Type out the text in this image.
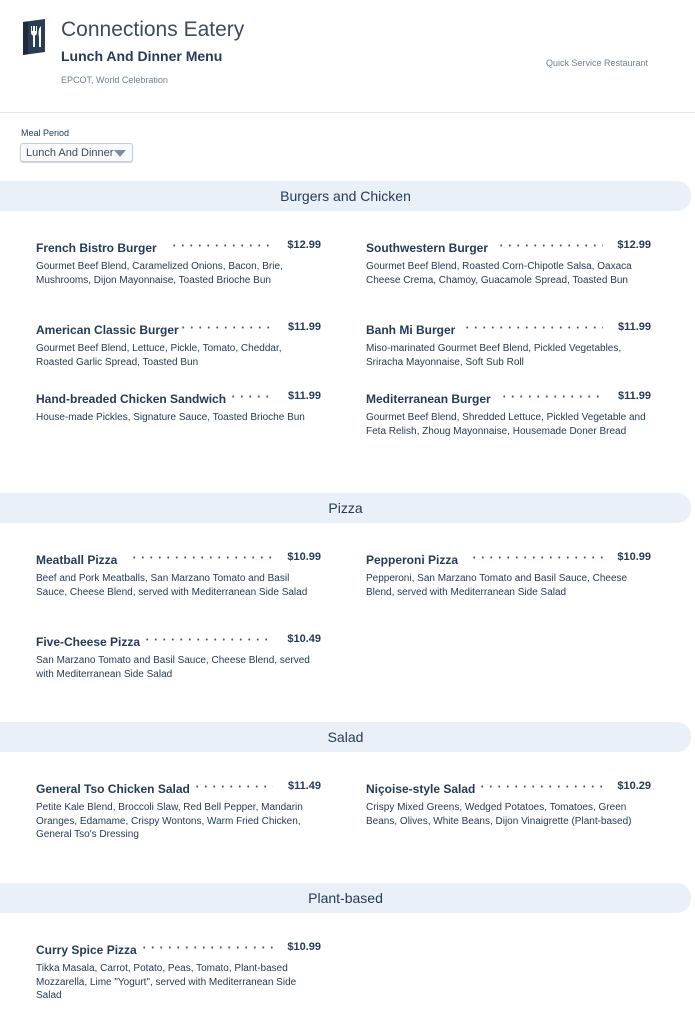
Connections Eatery
Lunch And Dinner Menu
EPCOT, World Celebration
Quick Service Restaurant
Meal Period
Lunch And Dinner
Burgers and Chicken
French Bistro Burger	$12.99
Gourmet Beef Blend, Caramelized Onions, Bacon, Brie, Mushrooms, Dijon Mayonnaise, Toasted Brioche Bun
Southwestern Burger	$12.99
Gourmet Beef Blend, Roasted Corn-Chipotle Salsa, Oaxaca Cheese Crema, Chamoy, Guacamole Spread, Toasted Bun
American Classic Burger	$11.99
Gourmet Beef Blend, Lettuce, Pickle, Tomato, Cheddar, Roasted Garlic Spread, Toasted Bun
Banh Mi Burger	$11.99
Miso-marinated Gourmet Beef Blend, Pickled Vegetables, Sriracha Mayonnaise, Soft Sub Roll
Hand-breaded Chicken Sandwich	$11.99
House-made Pickles, Signature Sauce, Toasted Brioche Bun
Mediterranean Burger	$11.99
Gourmet Beef Blend, Shredded Lettuce, Pickled Vegetable and Feta Relish, Zhoug Mayonnaise, Housemade Doner Bread
Pizza
Meatball Pizza	$10.99
Beef and Pork Meatballs, San Marzano Tomato and Basil Sauce, Cheese Blend, served with Mediterranean Side Salad
Pepperoni Pizza	$10.99
Pepperoni, San Marzano Tomato and Basil Sauce, Cheese Blend, served with Mediterranean Side Salad
Five-Cheese Pizza	$10.49
San Marzano Tomato and Basil Sauce, Cheese Blend, served with Mediterranean Side Salad
Salad
General Tso Chicken Salad	$11.49
Petite Kale Blend, Broccoli Slaw, Red Bell Pepper, Mandarin Oranges, Edamame, Crispy Wontons, Warm Fried Chicken, General Tso's Dressing
Niçoise-style Salad	$10.29
Crispy Mixed Greens, Wedged Potatoes, Tomatoes, Green Beans, Olives, White Beans, Dijon Vinaigrette (Plant-based)
Plant-based
Curry Spice Pizza	$10.99
Tikka Masala, Carrot, Potato, Peas, Tomato, Plant-based Mozzarella, Lime "Yogurt", served with Mediterranean Side Salad
